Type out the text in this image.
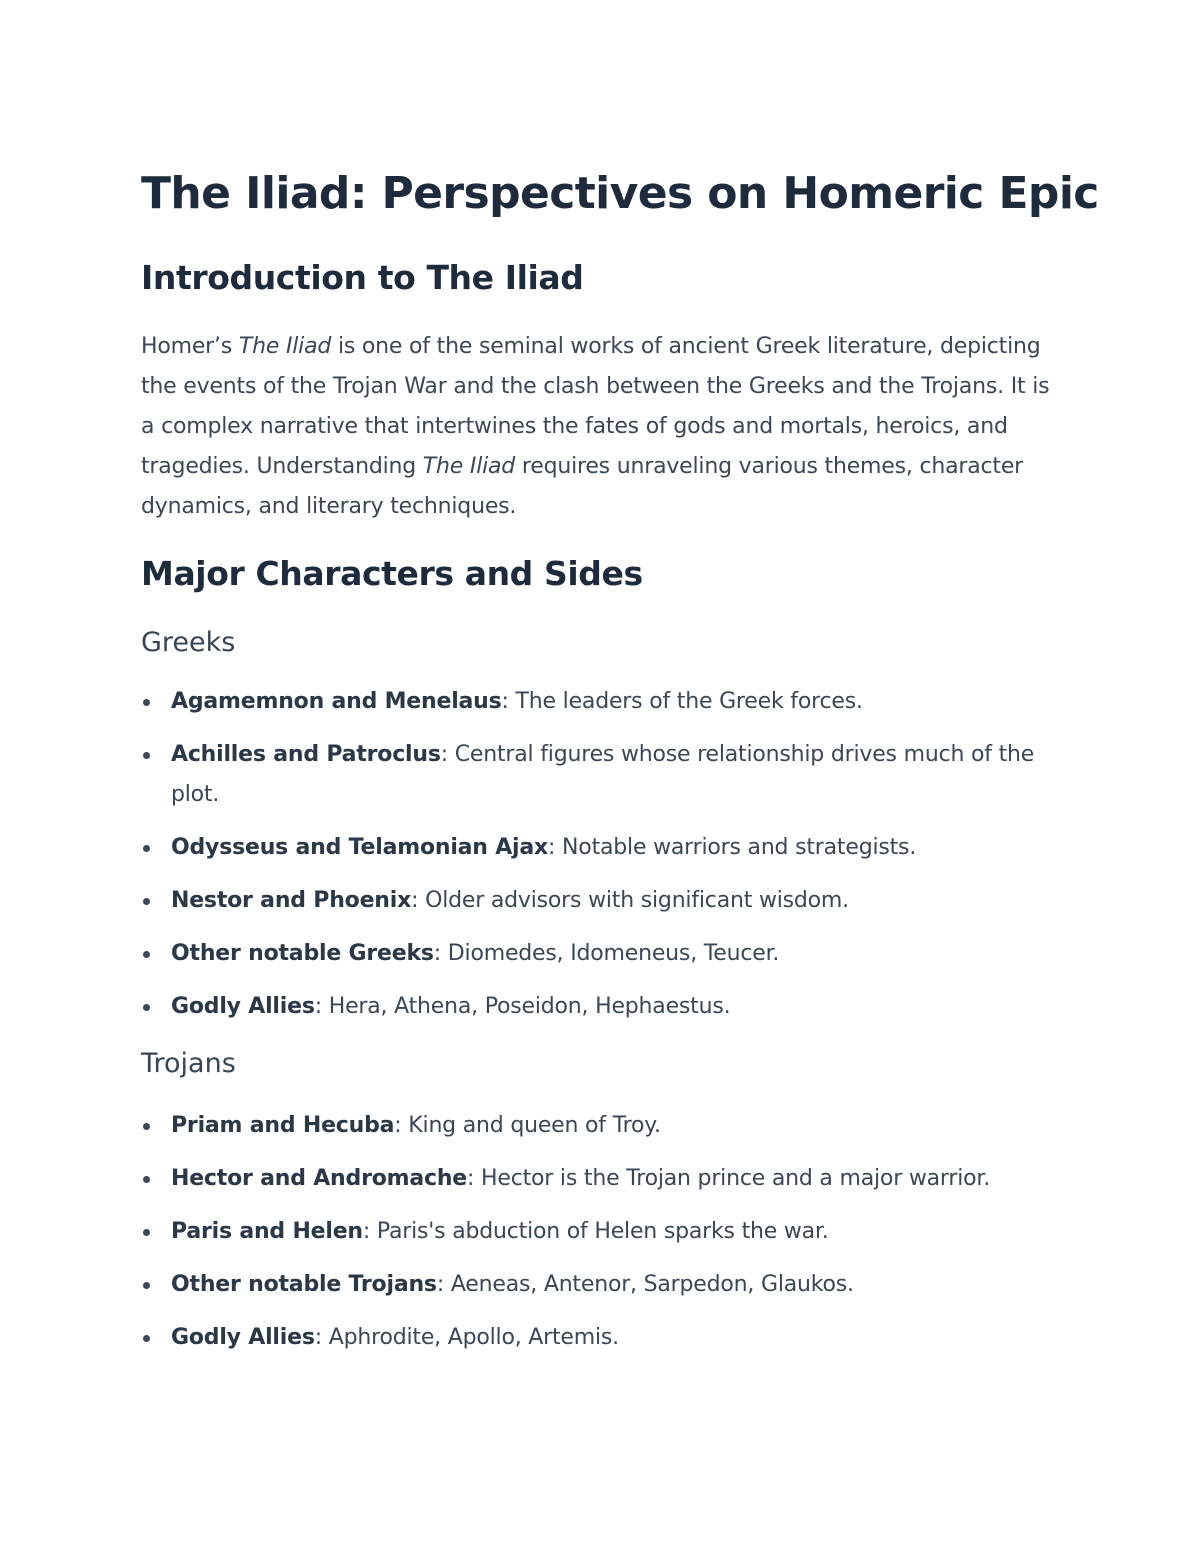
The Iliad: Perspectives on Homeric Epic
Introduction to The Iliad

Homer’s The Iliad is one of the seminal works of ancient Greek literature, depicting the events of the Trojan War and the clash between the Greeks and the Trojans. It is a complex narrative that intertwines the fates of gods and mortals, heroics, and tragedies. Understanding The Iliad requires unraveling various themes, character dynamics, and literary techniques.

Major Characters and Sides
Greeks
Agamemnon and Menelaus: The leaders of the Greek forces.
Achilles and Patroclus: Central figures whose relationship drives much of the plot.
Odysseus and Telamonian Ajax: Notable warriors and strategists.
Nestor and Phoenix: Older advisors with significant wisdom.
Other notable Greeks: Diomedes, Idomeneus, Teucer.
Godly Allies: Hera, Athena, Poseidon, Hephaestus.
Trojans
Priam and Hecuba: King and queen of Troy.
Hector and Andromache: Hector is the Trojan prince and a major warrior.
Paris and Helen: Paris's abduction of Helen sparks the war.
Other notable Trojans: Aeneas, Antenor, Sarpedon, Glaukos.
Godly Allies: Aphrodite, Apollo, Artemis.
